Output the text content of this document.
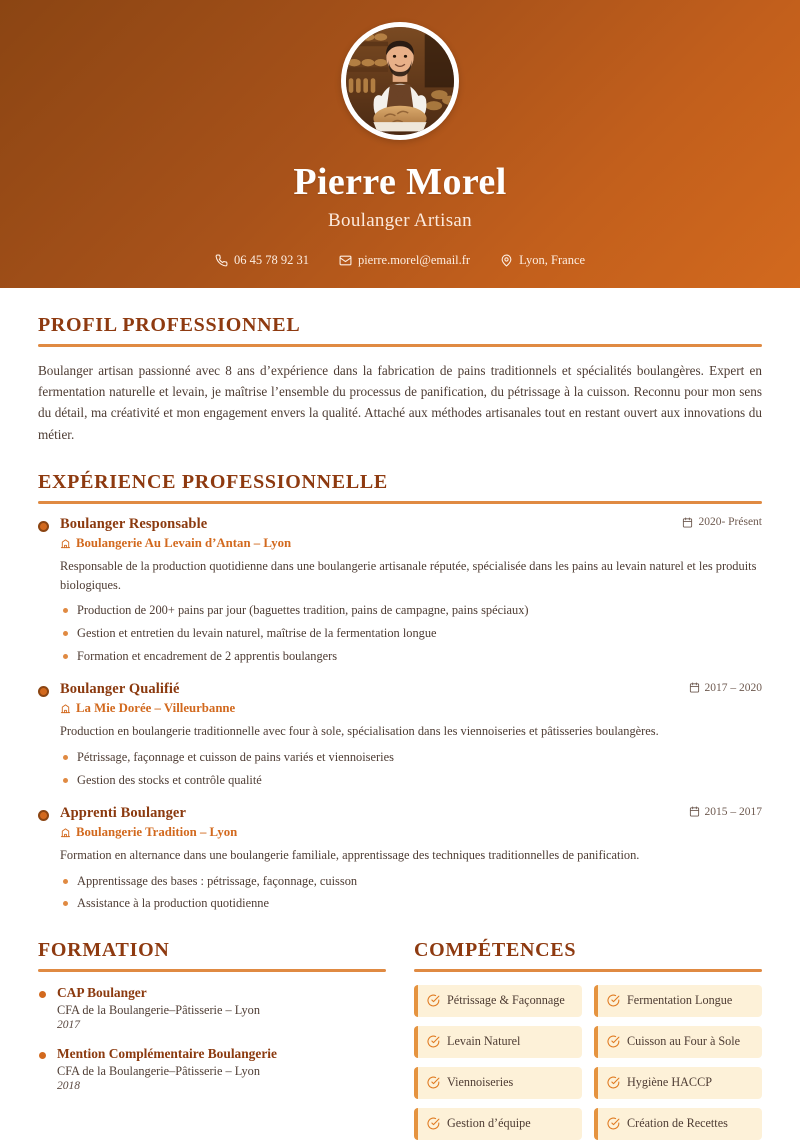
Pierre Morel
Boulanger Artisan
06 45 78 92 31	pierre.morel@email.fr	Lyon, France
PROFIL PROFESSIONNEL

Boulanger artisan passionné avec 8 ans d’expérience dans la fabrication de pains traditionnels et spécialités boulangères. Expert en fermentation naturelle et levain, je maîtrise l’ensemble du processus de panification, du pétrissage à la cuisson. Reconnu pour mon sens du détail, ma créativité et mon engagement envers la qualité. Attaché aux méthodes artisanales tout en restant ouvert aux innovations du métier.

EXPÉRIENCE PROFESSIONNELLE
Boulanger Responsable	2020- Présent
Boulangerie Au Levain d’Antan – Lyon
Responsable de la production quotidienne dans une boulangerie artisanale réputée, spécialisée dans les pains au levain naturel et les produits biologiques.
Production de 200+ pains par jour (baguettes tradition, pains de campagne, pains spéciaux)
Gestion et entretien du levain naturel, maîtrise de la fermentation longue
Formation et encadrement de 2 apprentis boulangers
Boulanger Qualifié	2017 – 2020
La Mie Dorée – Villeurbanne
Production en boulangerie traditionnelle avec four à sole, spécialisation dans les viennoiseries et pâtisseries boulangères.
Pétrissage, façonnage et cuisson de pains variés et viennoiseries
Gestion des stocks et contrôle qualité
Apprenti Boulanger	2015 – 2017
Boulangerie Tradition – Lyon
Formation en alternance dans une boulangerie familiale, apprentissage des techniques traditionnelles de panification.
Apprentissage des bases : pétrissage, façonnage, cuisson
Assistance à la production quotidienne
FORMATION
CAP Boulanger
CFA de la Boulangerie–Pâtisserie – Lyon
2017
Mention Complémentaire Boulangerie
CFA de la Boulangerie–Pâtisserie – Lyon
2018
COMPÉTENCES
Pétrissage & Façonnage	Fermentation Longue
Levain Naturel	Cuisson au Four à Sole
Viennoiseries	Hygiène HACCP
Gestion d’équipe	Création de Recettes
